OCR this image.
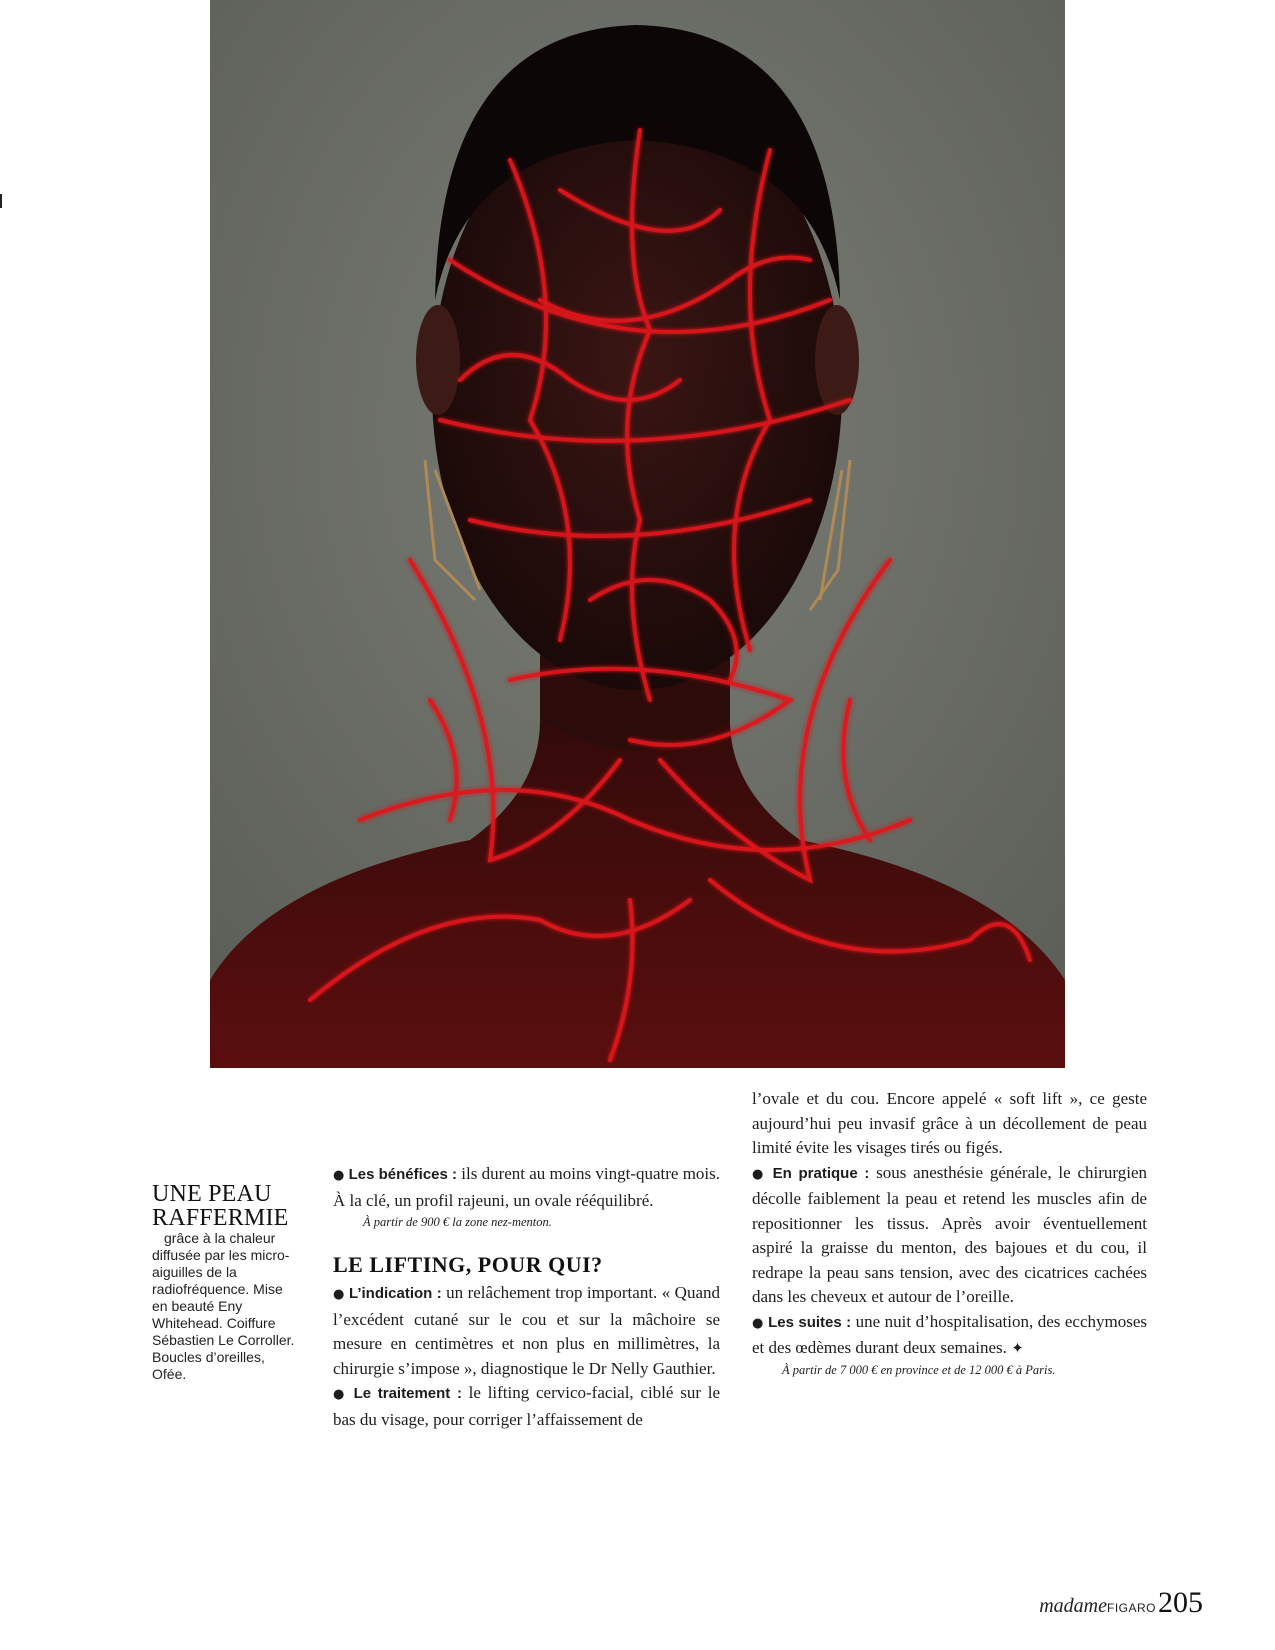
UNE PEAU
RAFFERMIE

grâce à la chaleur
diffusée par les micro-aiguilles de la radiofréquence. Mise en beauté Eny Whitehead. Coiffure Sébastien Le Corroller. Boucles d’oreilles, Ofée.

● Les bénéfices : ils durent au moins vingt-quatre mois. À la clé, un profil rajeuni, un ovale rééquilibré.

À partir de 900 € la zone nez-menton.

LE LIFTING, POUR QUI?

● L’indication : un relâchement trop important. « Quand l’excédent cutané sur le cou et sur la mâchoire se mesure en centimètres et non plus en millimètres, la chirurgie s’impose », diagnostique le Dr Nelly Gauthier.

● Le traitement : le lifting cervico-facial, ciblé sur le bas du visage, pour corriger l’affaissement de

l’ovale et du cou. Encore appelé « soft lift », ce geste aujourd’hui peu invasif grâce à un décollement de peau limité évite les visages tirés ou figés.

● En pratique : sous anesthésie générale, le chirurgien décolle faiblement la peau et retend les muscles afin de repositionner les tissus. Après avoir éventuellement aspiré la graisse du menton, des bajoues et du cou, il redrape la peau sans tension, avec des cicatrices cachées dans les cheveux et autour de l’oreille.

● Les suites : une nuit d’hospitalisation, des ecchymoses et des œdèmes durant deux semaines. ✦

À partir de 7 000 € en province et de 12 000 € à Paris.

madame FIGARO 205
